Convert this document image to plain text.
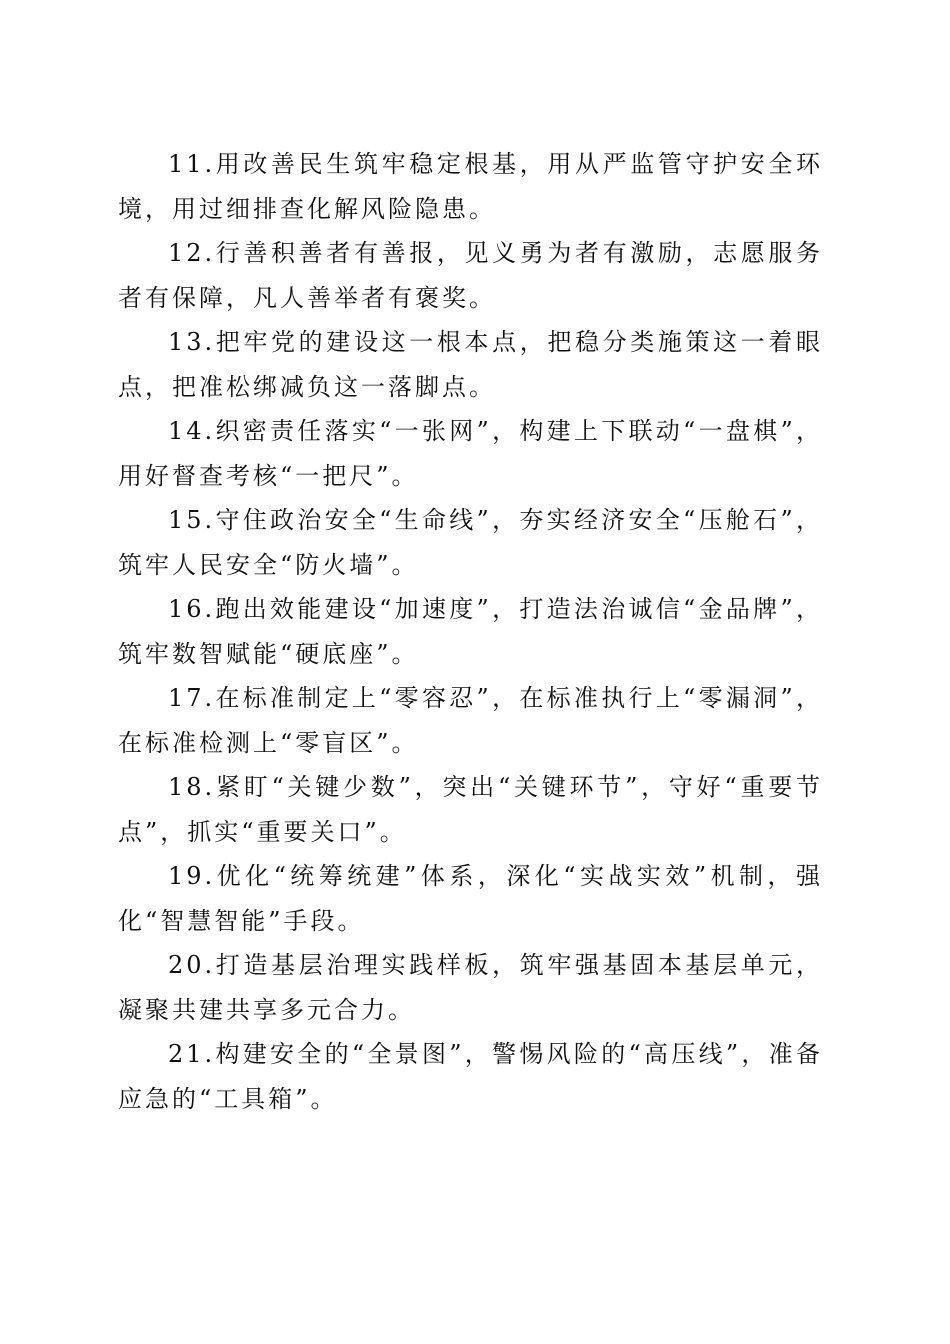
11.用改善民生筑牢稳定根基，用从严监管守护安全环境，用过细排查化解风险隐患。

12.行善积善者有善报，见义勇为者有激励，志愿服务者有保障，凡人善举者有褒奖。

13.把牢党的建设这一根本点，把稳分类施策这一着眼点，把准松绑减负这一落脚点。

14.织密责任落实“一张网”，构建上下联动“一盘棋”，用好督查考核“一把尺”。

15.守住政治安全“生命线”，夯实经济安全“压舱石”，筑牢人民安全“防火墙”。

16.跑出效能建设“加速度”，打造法治诚信“金品牌”，筑牢数智赋能“硬底座”。

17.在标准制定上“零容忍”，在标准执行上“零漏洞”，在标准检测上“零盲区”。

18.紧盯“关键少数”，突出“关键环节”，守好“重要节点”，抓实“重要关口”。

19.优化“统筹统建”体系，深化“实战实效”机制，强化“智慧智能”手段。

20.打造基层治理实践样板，筑牢强基固本基层单元，凝聚共建共享多元合力。

21.构建安全的“全景图”，警惕风险的“高压线”，准备应急的“工具箱”。
